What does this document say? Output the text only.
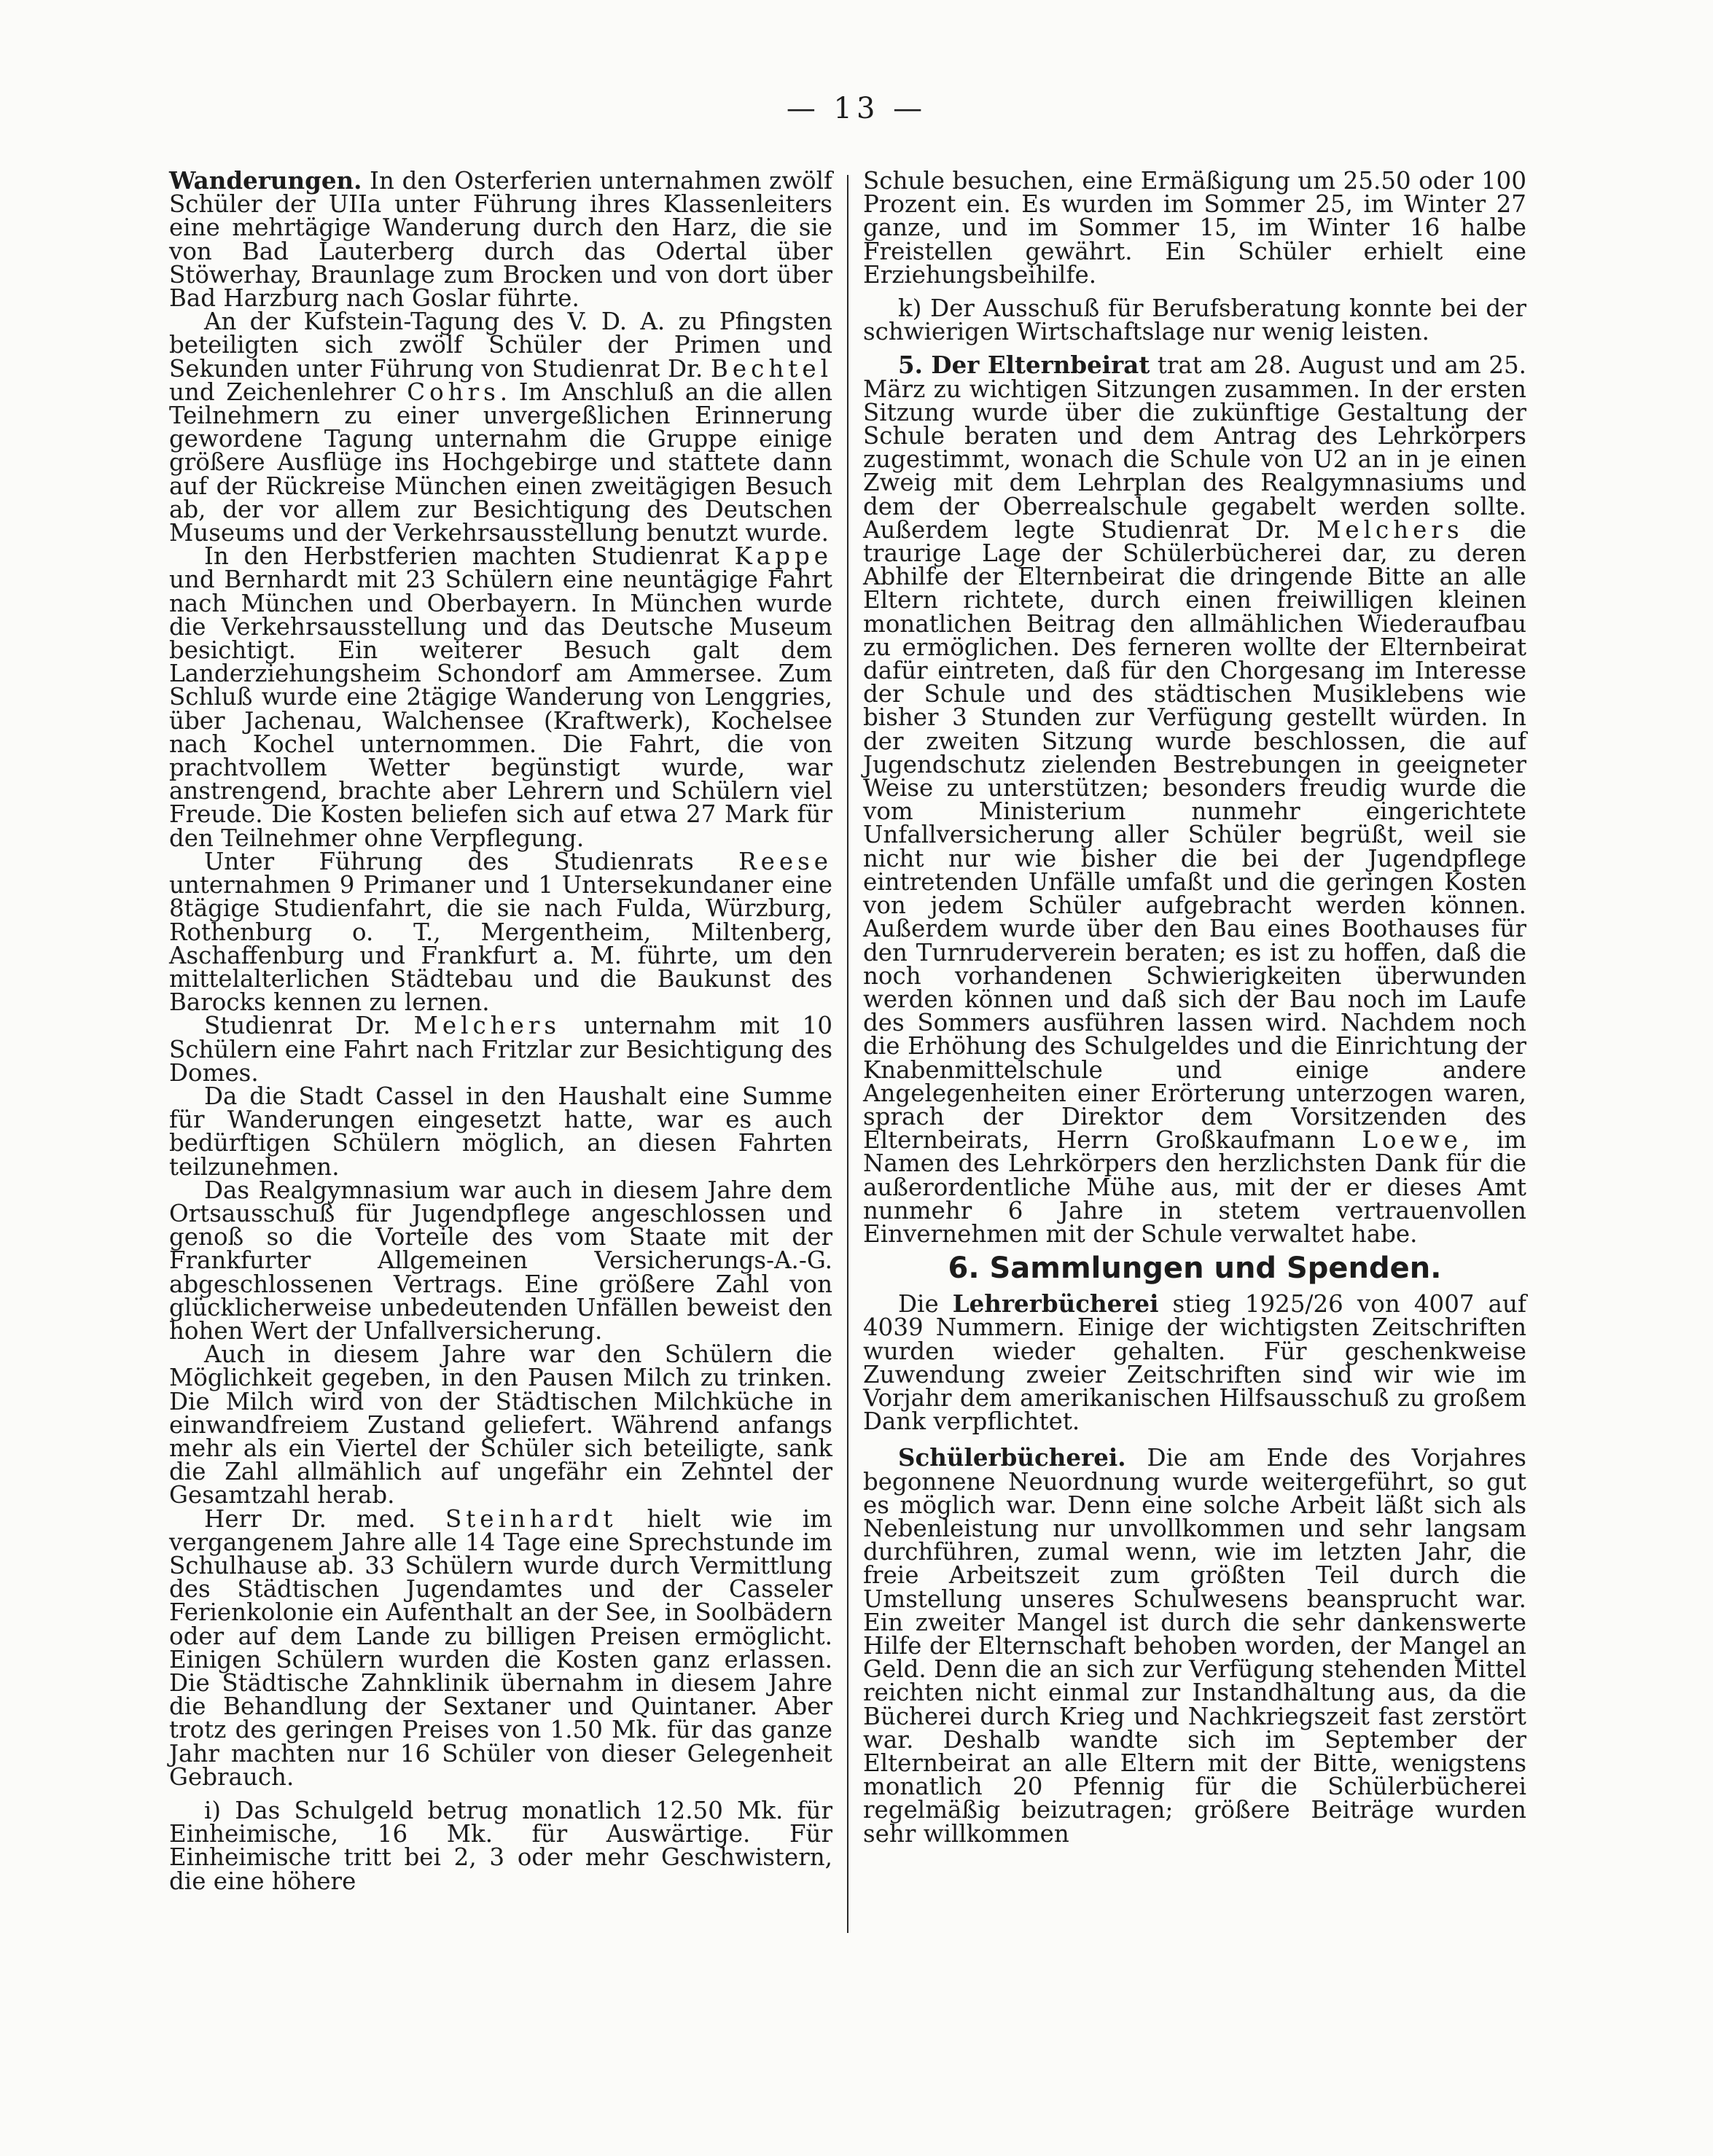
— 13 —

Wanderungen. In den Osterferien unternahmen zwölf Schüler der UIIa unter Führung ihres Klassenleiters eine mehrtägige Wanderung durch den Harz, die sie von Bad Lauterberg durch das Odertal über Stöwerhay, Braunlage zum Brocken und von dort über Bad Harzburg nach Goslar führte.

An der Kufstein-Tagung des V. D. A. zu Pfingsten beteiligten sich zwölf Schüler der Primen und Sekunden unter Führung von Studienrat Dr. Bechtel und Zeichenlehrer Cohrs. Im Anschluß an die allen Teilnehmern zu einer unvergeßlichen Erinnerung gewordene Tagung unternahm die Gruppe einige größere Ausflüge ins Hochgebirge und stattete dann auf der Rückreise München einen zweitägigen Besuch ab, der vor allem zur Besichtigung des Deutschen Museums und der Verkehrsausstellung benutzt wurde.

In den Herbstferien machten Studienrat Kappe und Bernhardt mit 23 Schülern eine neuntägige Fahrt nach München und Oberbayern. In München wurde die Verkehrsausstellung und das Deutsche Museum besichtigt. Ein weiterer Besuch galt dem Landerziehungsheim Schondorf am Ammersee. Zum Schluß wurde eine 2tägige Wanderung von Lenggries, über Jachenau, Walchensee (Kraftwerk), Kochelsee nach Kochel unternommen. Die Fahrt, die von prachtvollem Wetter begünstigt wurde, war anstrengend, brachte aber Lehrern und Schülern viel Freude. Die Kosten beliefen sich auf etwa 27 Mark für den Teilnehmer ohne Verpflegung.

Unter Führung des Studienrats Reese unternahmen 9 Primaner und 1 Untersekundaner eine 8tägige Studienfahrt, die sie nach Fulda, Würzburg, Rothenburg o. T., Mergentheim, Miltenberg, Aschaffenburg und Frankfurt a. M. führte, um den mittelalterlichen Städtebau und die Baukunst des Barocks kennen zu lernen.

Studienrat Dr. Melchers unternahm mit 10 Schülern eine Fahrt nach Fritzlar zur Besichtigung des Domes.

Da die Stadt Cassel in den Haushalt eine Summe für Wanderungen eingesetzt hatte, war es auch bedürftigen Schülern möglich, an diesen Fahrten teilzunehmen.

Das Realgymnasium war auch in diesem Jahre dem Ortsausschuß für Jugendpflege angeschlossen und genoß so die Vorteile des vom Staate mit der Frankfurter Allgemeinen Versicherungs-A.-G. abgeschlossenen Vertrags. Eine größere Zahl von glücklicherweise unbedeutenden Unfällen beweist den hohen Wert der Unfallversicherung.

Auch in diesem Jahre war den Schülern die Möglichkeit gegeben, in den Pausen Milch zu trinken. Die Milch wird von der Städtischen Milchküche in einwandfreiem Zustand geliefert. Während anfangs mehr als ein Viertel der Schüler sich beteiligte, sank die Zahl allmählich auf ungefähr ein Zehntel der Gesamtzahl herab.

Herr Dr. med. Steinhardt hielt wie im vergangenem Jahre alle 14 Tage eine Sprechstunde im Schulhause ab. 33 Schülern wurde durch Vermittlung des Städtischen Jugendamtes und der Casseler Ferienkolonie ein Aufenthalt an der See, in Soolbädern oder auf dem Lande zu billigen Preisen ermöglicht. Einigen Schülern wurden die Kosten ganz erlassen. Die Städtische Zahnklinik übernahm in diesem Jahre die Behandlung der Sextaner und Quintaner. Aber trotz des geringen Preises von 1.50 Mk. für das ganze Jahr machten nur 16 Schüler von dieser Gelegenheit Gebrauch.

i) Das Schulgeld betrug monatlich 12.50 Mk. für Einheimische, 16 Mk. für Auswärtige. Für Einheimische tritt bei 2, 3 oder mehr Geschwistern, die eine höhere

Schule besuchen, eine Ermäßigung um 25.50 oder 100 Prozent ein. Es wurden im Sommer 25, im Winter 27 ganze, und im Sommer 15, im Winter 16 halbe Freistellen gewährt. Ein Schüler erhielt eine Erziehungsbeihilfe.

k) Der Ausschuß für Berufsberatung konnte bei der schwierigen Wirtschaftslage nur wenig leisten.

5. Der Elternbeirat trat am 28. August und am 25. März zu wichtigen Sitzungen zusammen. In der ersten Sitzung wurde über die zukünftige Gestaltung der Schule beraten und dem Antrag des Lehrkörpers zugestimmt, wonach die Schule von U2 an in je einen Zweig mit dem Lehrplan des Realgymnasiums und dem der Oberrealschule gegabelt werden sollte. Außerdem legte Studienrat Dr. Melchers die traurige Lage der Schülerbücherei dar, zu deren Abhilfe der Elternbeirat die dringende Bitte an alle Eltern richtete, durch einen freiwilligen kleinen monatlichen Beitrag den allmählichen Wiederaufbau zu ermöglichen. Des ferneren wollte der Elternbeirat dafür eintreten, daß für den Chorgesang im Interesse der Schule und des städtischen Musiklebens wie bisher 3 Stunden zur Verfügung gestellt würden. In der zweiten Sitzung wurde beschlossen, die auf Jugendschutz zielenden Bestrebungen in geeigneter Weise zu unterstützen; besonders freudig wurde die vom Ministerium nunmehr eingerichtete Unfallversicherung aller Schüler begrüßt, weil sie nicht nur wie bisher die bei der Jugendpflege eintretenden Unfälle umfaßt und die geringen Kosten von jedem Schüler aufgebracht werden können. Außerdem wurde über den Bau eines Boothauses für den Turnruderverein beraten; es ist zu hoffen, daß die noch vorhandenen Schwierigkeiten überwunden werden können und daß sich der Bau noch im Laufe des Sommers ausführen lassen wird. Nachdem noch die Erhöhung des Schulgeldes und die Einrichtung der Knabenmittelschule und einige andere Angelegenheiten einer Erörterung unterzogen waren, sprach der Direktor dem Vorsitzenden des Elternbeirats, Herrn Großkaufmann Loewe, im Namen des Lehrkörpers den herzlichsten Dank für die außerordentliche Mühe aus, mit der er dieses Amt nunmehr 6 Jahre in stetem vertrauenvollen Einvernehmen mit der Schule verwaltet habe.

6. Sammlungen und Spenden.

Die Lehrerbücherei stieg 1925/26 von 4007 auf 4039 Nummern. Einige der wichtigsten Zeitschriften wurden wieder gehalten. Für geschenkweise Zuwendung zweier Zeitschriften sind wir wie im Vorjahr dem amerikanischen Hilfsausschuß zu großem Dank verpflichtet.

Schülerbücherei. Die am Ende des Vorjahres begonnene Neuordnung wurde weitergeführt, so gut es möglich war. Denn eine solche Arbeit läßt sich als Nebenleistung nur unvollkommen und sehr langsam durchführen, zumal wenn, wie im letzten Jahr, die freie Arbeitszeit zum größten Teil durch die Umstellung unseres Schulwesens beansprucht war. Ein zweiter Mangel ist durch die sehr dankenswerte Hilfe der Elternschaft behoben worden, der Mangel an Geld. Denn die an sich zur Verfügung stehenden Mittel reichten nicht einmal zur Instandhaltung aus, da die Bücherei durch Krieg und Nachkriegszeit fast zerstört war. Deshalb wandte sich im September der Elternbeirat an alle Eltern mit der Bitte, wenigstens monatlich 20 Pfennig für die Schülerbücherei regelmäßig beizutragen; größere Beiträge wurden sehr willkommen
